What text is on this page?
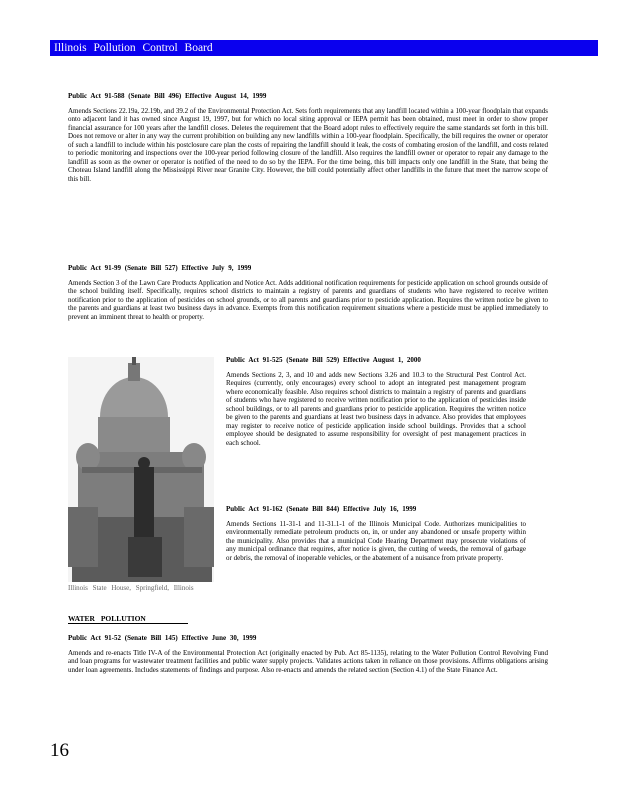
Illinois Pollution Control Board
Public Act 91-588 (Senate Bill 496) Effective August 14, 1999
Amends Sections 22.19a, 22.19b, and 39.2 of the Environmental Protection Act. Sets forth requirements that any landfill located within a 100-year floodplain that expands onto adjacent land it has owned since August 19, 1997, but for which no local siting approval or IEPA permit has been obtained, must meet in order to show proper financial assurance for 100 years after the landfill closes. Deletes the requirement that the Board adopt rules to effectively require the same standards set forth in this bill. Does not remove or alter in any way the current prohibition on building any new landfills within a 100-year floodplain. Specifically, the bill requires the owner or operator of such a landfill to include within his postclosure care plan the costs of repairing the landfill should it leak, the costs of combating erosion of the landfill, and costs related to periodic monitoring and inspections over the 100-year period following closure of the landfill. Also requires the landfill owner or operator to repair any damage to the landfill as soon as the owner or operator is notified of the need to do so by the IEPA. For the time being, this bill impacts only one landfill in the State, that being the Choteau Island landfill along the Mississippi River near Granite City. However, the bill could potentially affect other landfills in the future that meet the narrow scope of this bill.
Public Act 91-99 (Senate Bill 527) Effective July 9, 1999
Amends Section 3 of the Lawn Care Products Application and Notice Act. Adds additional notification requirements for pesticide application on school grounds outside of the school building itself. Specifically, requires school districts to maintain a registry of parents and guardians of students who have registered to receive written notification prior to the application of pesticides on school grounds, or to all parents and guardians prior to pesticide application. Requires the written notice be given to the parents and guardians at least two business days in advance. Exempts from this notification requirement situations where a pesticide must be applied immediately to prevent an imminent threat to health or property.
Illinois State House, Springfield, Illinois
Public Act 91-525 (Senate Bill 529) Effective August 1, 2000
Amends Sections 2, 3, and 10 and adds new Sections 3.26 and 10.3 to the Structural Pest Control Act. Requires (currently, only encourages) every school to adopt an integrated pest management program where economically feasible. Also requires school districts to maintain a registry of parents and guardians of students who have registered to receive written notification prior to the application of pesticides inside school buildings, or to all parents and guardians prior to pesticide application. Requires the written notice be given to the parents and guardians at least two business days in advance. Also provides that employees may register to receive notice of pesticide application inside school buildings. Provides that a school employee should be designated to assume responsibility for oversight of pest management practices in each school.
Public Act 91-162 (Senate Bill 844) Effective July 16, 1999
Amends Sections 11-31-1 and 11-31.1-1 of the Illinois Municipal Code. Authorizes municipalities to environmentally remediate petroleum products on, in, or under any abandoned or unsafe property within the municipality. Also provides that a municipal Code Hearing Department may prosecute violations of any municipal ordinance that requires, after notice is given, the cutting of weeds, the removal of garbage or debris, the removal of inoperable vehicles, or the abatement of a nuisance from private property.
WATER POLLUTION
Public Act 91-52 (Senate Bill 145) Effective June 30, 1999
Amends and re-enacts Title IV-A of the Environmental Protection Act (originally enacted by Pub. Act 85-1135), relating to the Water Pollution Control Revolving Fund and loan programs for wastewater treatment facilities and public water supply projects. Validates actions taken in reliance on those provisions. Affirms obligations arising under loan agreements. Includes statements of findings and purpose. Also re-enacts and amends the related section (Section 4.1) of the State Finance Act.
16
